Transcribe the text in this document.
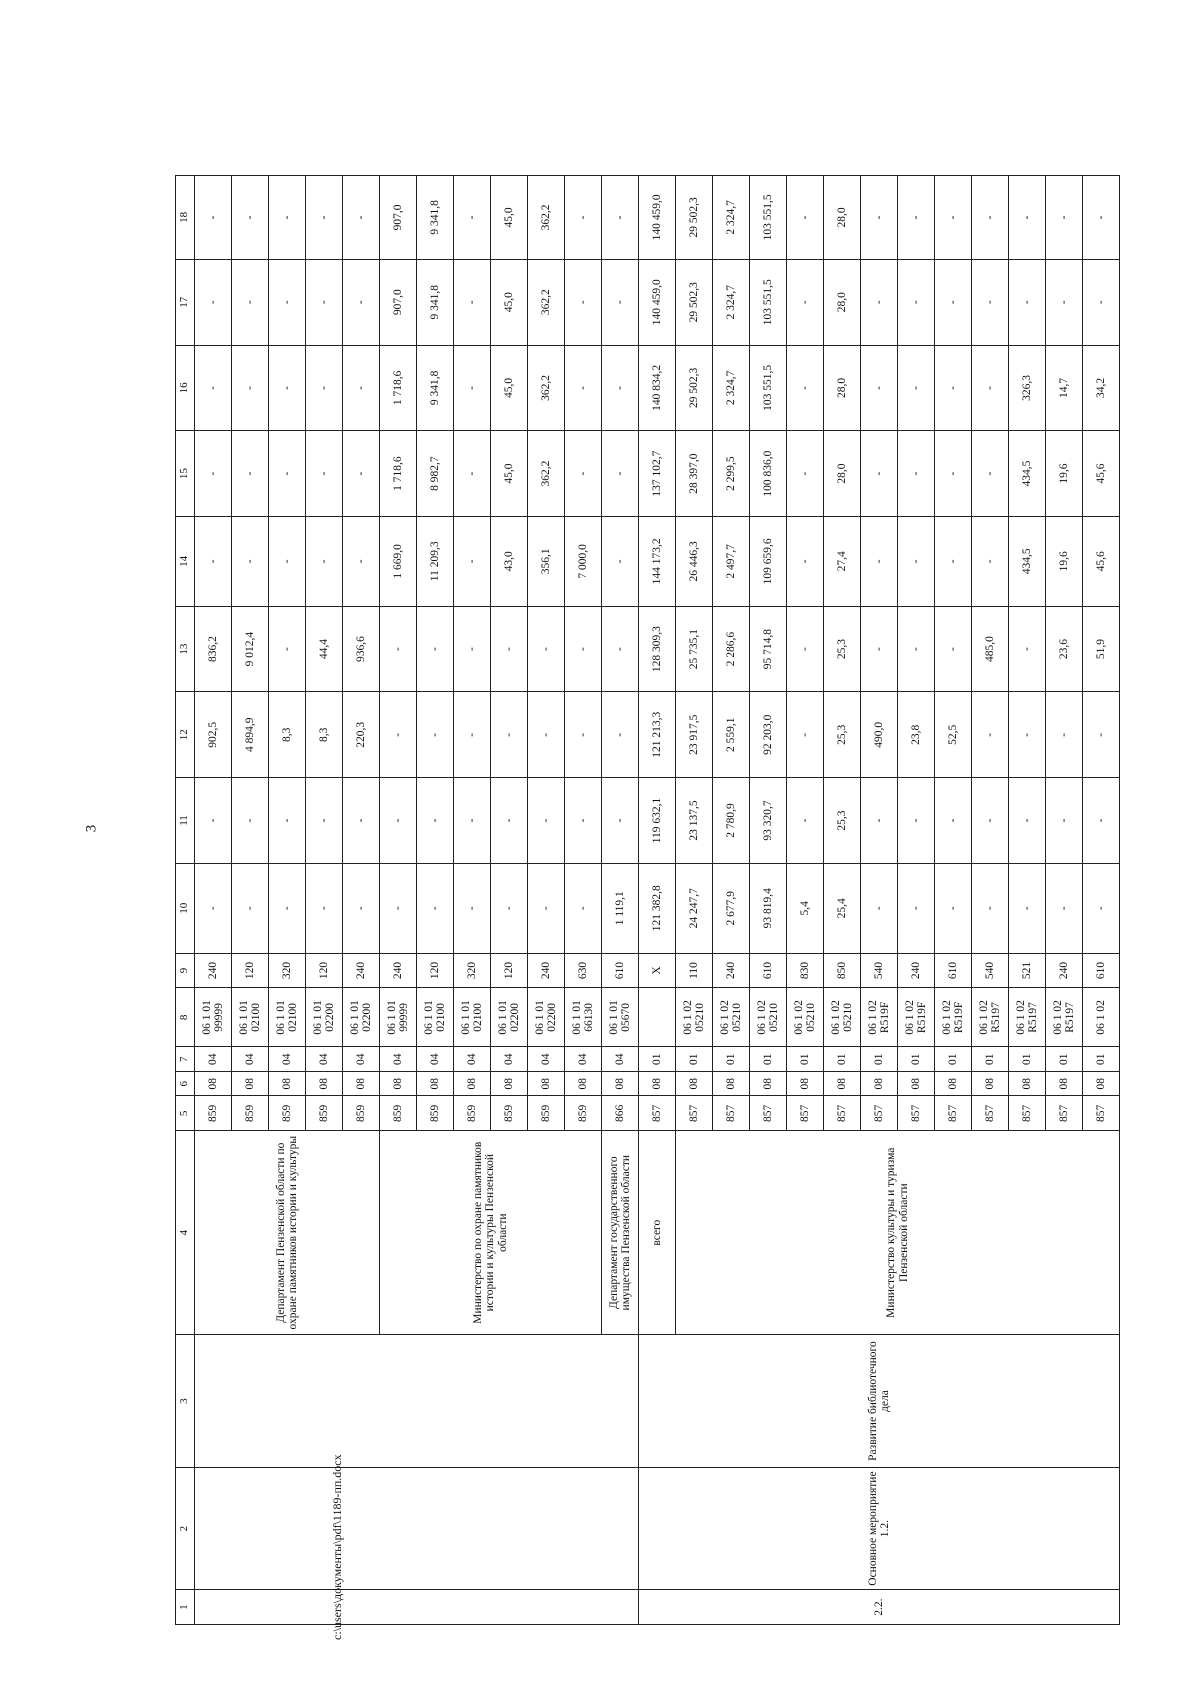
3
1	2	3	4	5	6	7	8	9	10	11	12	13	14	15	16	17	18
			Департамент Пензенской области по охране памятников истории и культуры	859	08	04	06 1 01 99999	240	-	-	902,5	836,2	-	-	-	-	-
				859	08	04	06 1 01 02100	120	-	-	4 894,9	9 012,4	-	-	-	-	-
				859	08	04	06 1 01 02100	320	-	-	8,3	-	-	-	-	-	-
				859	08	04	06 1 01 02200	120	-	-	8,3	44,4	-	-	-	-	-
				859	08	04	06 1 01 02200	240	-	-	220,3	936,6	-	-	-	-	-
			Министерство по охране памятников истории и культуры Пензенской области	859	08	04	06 1 01 99999	240	-	-	-	-	1 669,0	1 718,6	1 718,6	907,0	907,0
				859	08	04	06 1 01 02100	120	-	-	-	-	11 209,3	8 982,7	9 341,8	9 341,8	9 341,8
				859	08	04	06 1 01 02100	320	-	-	-	-	-	-	-	-	-
				859	08	04	06 1 01 02200	120	-	-	-	-	43,0	45,0	45,0	45,0	45,0
				859	08	04	06 1 01 02200	240	-	-	-	-	356,1	362,2	362,2	362,2	362,2
				859	08	04	06 1 01 66130	630	-	-	-	-	7 000,0	-	-	-	-
			Департамент государственного имущества Пензенской области	866	08	04	06 1 01 05670	610	1 119,1	-	-	-	-	-	-	-	-
2.2.	Основное мероприятие 1.2.	Развитие библиотечного дела	всего	857	08	01		X	121 382,8	119 632,1	121 213,3	128 309,3	144 173,2	137 102,7	140 834,2	140 459,0	140 459,0
			Министерство культуры и туризма Пензенской области	857	08	01	06 1 02 05210	110	24 247,7	23 137,5	23 917,5	25 735,1	26 446,3	28 397,0	29 502,3	29 502,3	29 502,3
				857	08	01	06 1 02 05210	240	2 677,9	2 780,9	2 559,1	2 286,6	2 497,7	2 299,5	2 324,7	2 324,7	2 324,7
				857	08	01	06 1 02 05210	610	93 819,4	93 320,7	92 203,0	95 714,8	109 659,6	100 836,0	103 551,5	103 551,5	103 551,5
				857	08	01	06 1 02 05210	830	5,4	-	-	-	-	-	-	-	-
				857	08	01	06 1 02 05210	850	25,4	25,3	25,3	25,3	27,4	28,0	28,0	28,0	28,0
				857	08	01	06 1 02 R519F	540	-	-	490,0	-	-	-	-	-	-
				857	08	01	06 1 02 R519F	240	-	-	23,8	-	-	-	-	-	-
				857	08	01	06 1 02 R519F	610	-	-	52,5	-	-	-	-	-	-
				857	08	01	06 1 02 R5197	540	-	-	-	485,0	-	-	-	-	-
				857	08	01	06 1 02 R5197	521	-	-	-	-	434,5	434,5	326,3	-	-
				857	08	01	06 1 02 R5197	240	-	-	-	23,6	19,6	19,6	14,7	-	-
				857	08	01	06 1 02	610	-	-	-	51,9	45,6	45,6	34,2	-	-
c:\users\документы\pdf\1189-пп.docx
